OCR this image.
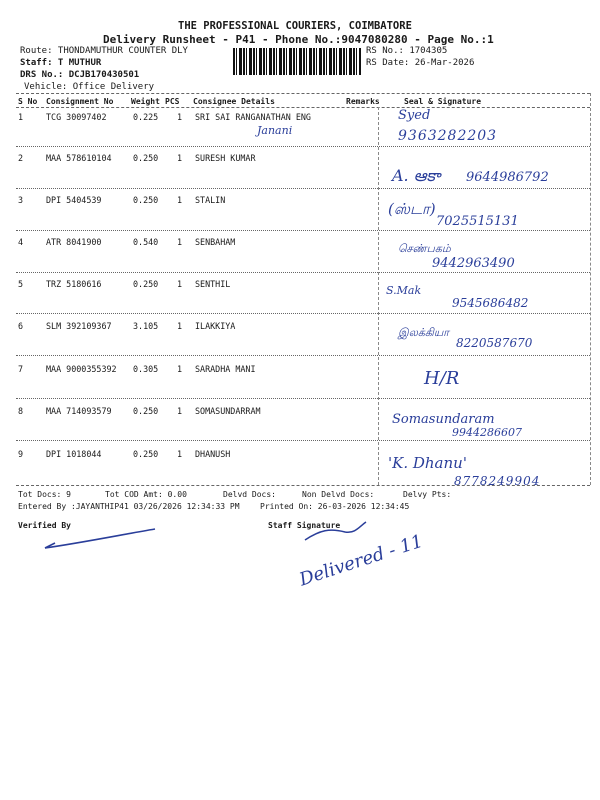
THE PROFESSIONAL COURIERS, COIMBATORE
Delivery Runsheet - P41 - Phone No.:9047080280 - Page No.:1
Route: THONDAMUTHUR COUNTER DLY
Staff: T MUTHUR
DRS No.: DCJB170430501
Vehicle: Office Delivery
RS No.: 1704305
RS Date: 26-Mar-2026
S No Consignment No Weight PCS Consignee Details	Remarks	Seal & Signature
1	TCG 30097402	0.225 1 SRI SAI RANGANATHAN ENG
Janani
Syed
9363282203
2	MAA 578610104	0.250 1 SURESH KUMAR
A. ఆకా 9644986792
3	DPI 5404539	0.250 1 STALIN	(ஸ்டா)
7025515131
4	ATR 8041900	0.540 1 SENBAHAM	செண்பகம்
9442963490
5	TRZ 5180616	0.250 1 SENTHIL	S.Mak
9545686482
6	SLM 392109367	3.105 1 ILAKKIYA	இலக்கியா
8220587670
7	MAA 9000355392 0.305 1 SARADHA MANI	H/R
8	MAA 714093579	0.250 1 SOMASUNDARRAM
Somasundaram
9944286607
9	DPI 1018044	0.250 1 DHANUSH	'K. Dhanu'
8778249904
Tot Docs: 9	Tot COD Amt: 0.00	Delvd Docs:	Non Delvd Docs:	Delvy Pts:
Entered By :JAYANTHIP41 03/26/2026 12:34:33 PM	Printed On: 26-03-2026 12:34:45
Verified By	Staff Signature
Delivered - 11
